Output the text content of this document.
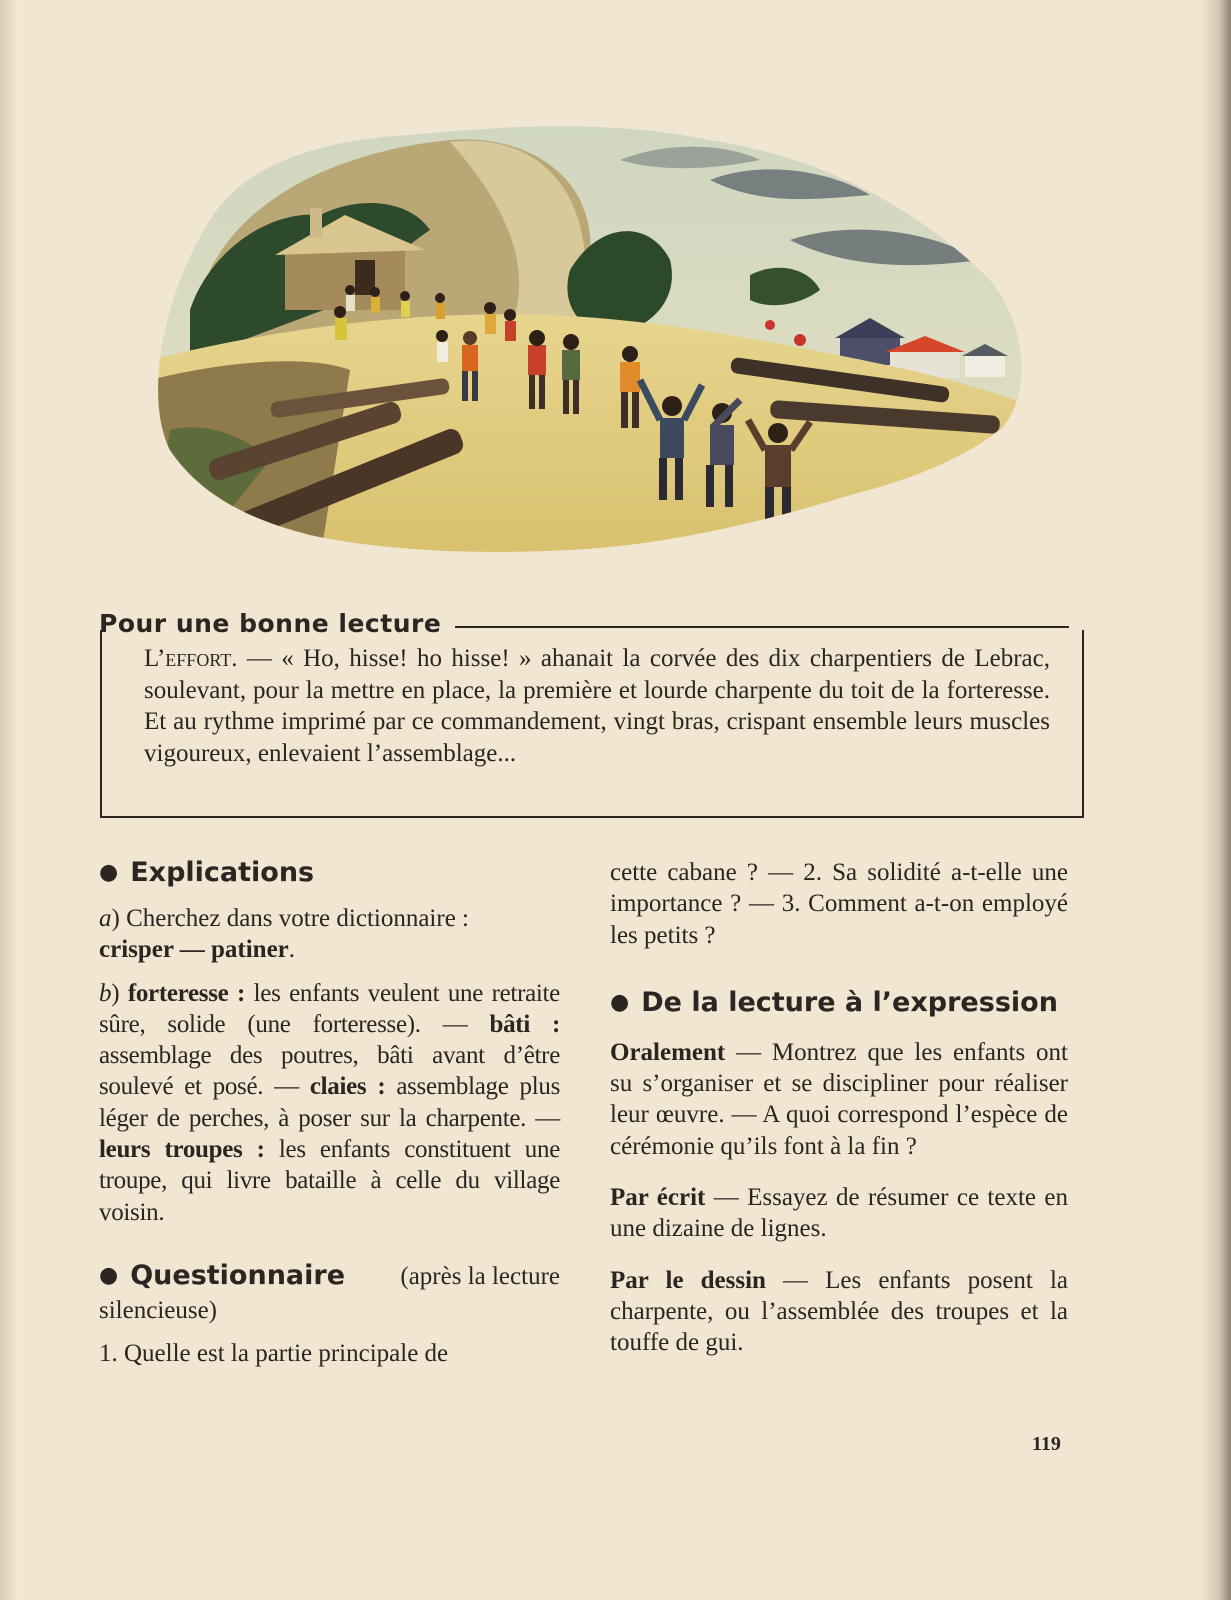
Pour une bonne lecture

L’effort. — « Ho, hisse! ho hisse! » ahanait la corvée des dix charpentiers de Lebrac, soulevant, pour la mettre en place, la première et lourde charpente du toit de la forteresse. Et au rythme imprimé par ce commandement, vingt bras, crispant ensemble leurs muscles vigoureux, enlevaient l’assemblage...

● Explications

a) Cherchez dans votre dictionnaire :
crisper — patiner.

b) forteresse : les enfants veulent une retraite sûre, solide (une forteresse). — bâti : assemblage des poutres, bâti avant d’être soulevé et posé. — claies : assemblage plus léger de perches, à poser sur la charpente. — leurs troupes : les enfants constituent une troupe, qui livre bataille à celle du village voisin.

● Questionnaire (après la lecture

silencieuse)

1. Quelle est la partie principale de

cette cabane ? — 2. Sa solidité a-t-elle une importance ? — 3. Comment a-t-on employé les petits ?

● De la lecture à l’expression

Oralement — Montrez que les enfants ont su s’organiser et se discipliner pour réaliser leur œuvre. — A quoi correspond l’espèce de cérémonie qu’ils font à la fin ?

Par écrit — Essayez de résumer ce texte en une dizaine de lignes.

Par le dessin — Les enfants posent la charpente, ou l’assemblée des troupes et la touffe de gui.

119
